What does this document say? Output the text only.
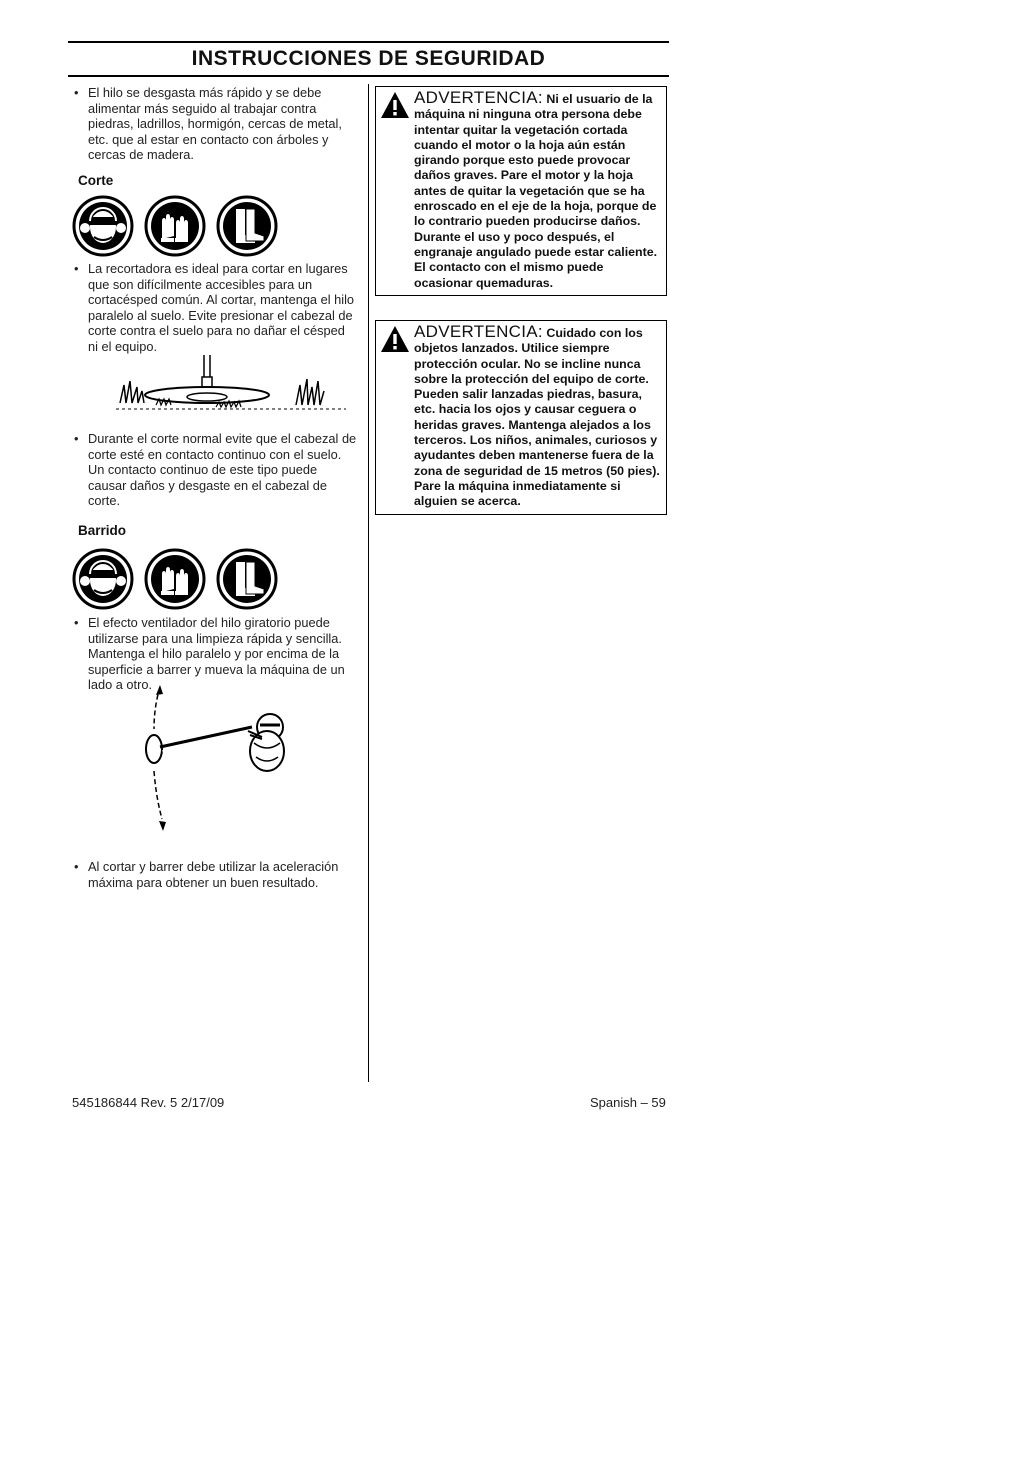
INSTRUCCIONES DE SEGURIDAD
• El hilo se desgasta más rápido y se debe alimentar más seguido al trabajar contra piedras, ladrillos, hormigón, cercas de metal, etc. que al estar en contacto con árboles y cercas de madera.
Corte
• La recortadora es ideal para cortar en lugares que son difícilmente accesibles para un cortacésped común. Al cortar, mantenga el hilo paralelo al suelo. Evite presionar el cabezal de corte contra el suelo para no dañar el césped ni el equipo.
• Durante el corte normal evite que el cabezal de corte esté en contacto continuo con el suelo. Un contacto continuo de este tipo puede causar daños y desgaste en el cabezal de corte.
Barrido
• El efecto ventilador del hilo giratorio puede utilizarse para una limpieza rápida y sencilla. Mantenga el hilo paralelo y por encima de la superficie a barrer y mueva la máquina de un lado a otro.
• Al cortar y barrer debe utilizar la aceleración máxima para obtener un buen resultado.
ADVERTENCIA: Ni el usuario de la máquina ni ninguna otra persona debe intentar quitar la vegetación cortada cuando el motor o la hoja aún están girando porque esto puede provocar daños graves. Pare el motor y la hoja antes de quitar la vegetación que se ha enroscado en el eje de la hoja, porque de lo contrario pueden producirse daños. Durante el uso y poco después, el engranaje angulado puede estar caliente. El contacto con el mismo puede ocasionar quemaduras.
ADVERTENCIA: Cuidado con los objetos lanzados. Utilice siempre protección ocular. No se incline nunca sobre la protección del equipo de corte. Pueden salir lanzadas piedras, basura, etc. hacia los ojos y causar ceguera o heridas graves. Mantenga alejados a los terceros. Los niños, animales, curiosos y ayudantes deben mantenerse fuera de la zona de seguridad de 15 metros (50 pies). Pare la máquina inmediatamente si alguien se acerca.
545186844 Rev. 5 2/17/09	Spanish – 59
